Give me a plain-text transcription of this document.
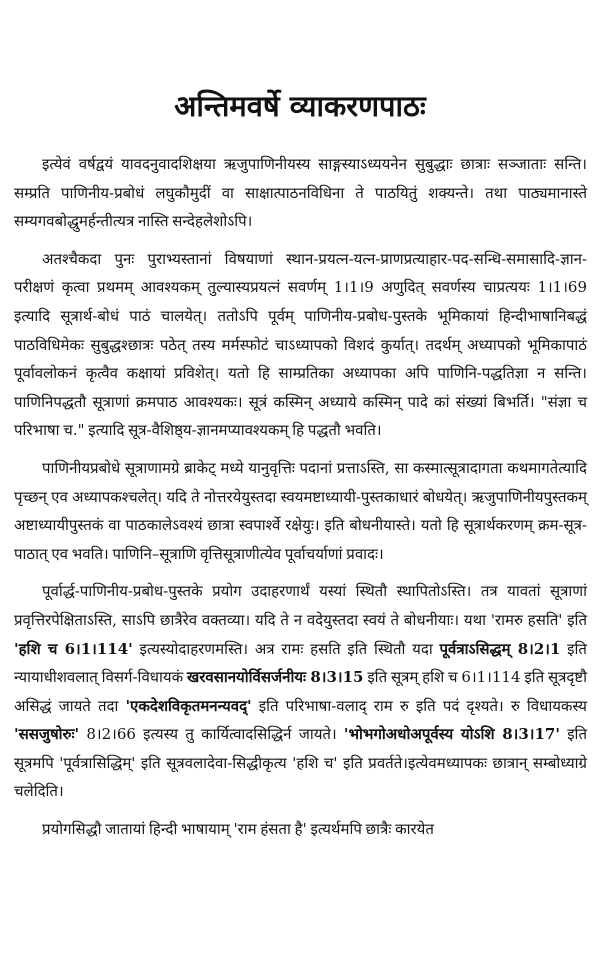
अन्तिमवर्षे व्याकरणपाठः

इत्येवं वर्षद्वयं यावदनुवादशिक्षया ऋजुपाणिनीयस्य साङ्गस्याऽध्ययनेन सुबुद्धाः छात्राः सञ्जाताः सन्ति। सम्प्रति पाणिनीय-प्रबोधं लघुकौमुदीं वा साक्षात्पाठनविधिना ते पाठयितुं शक्यन्ते। तथा पाठ्यमानास्ते सम्यगवबोद्धुमर्हन्तीत्यत्र नास्ति सन्देहलेशोऽपि।

अतश्चैकदा पुनः पुराभ्यस्तानां विषयाणां स्थान-प्रयत्न-यत्न-प्राणप्रत्याहार-पद-सन्धि-समासादि-ज्ञान-परीक्षणं कृत्वा प्रथमम् आवश्यकम् तुल्यास्यप्रयत्नं सवर्णम् 1।1।9 अणुदित् सवर्णस्य चाप्रत्ययः 1।1।69 इत्यादि सूत्रार्थ-बोधं पाठं चालयेत्। ततोऽपि पूर्वम् पाणिनीय-प्रबोध-पुस्तके भूमिकायां हिन्दीभाषानिबद्धं पाठविधिमेकः सुबुद्धश्छात्रः पठेत् तस्य मर्मस्फोटं चाऽध्यापको विशदं कुर्यात्। तदर्थम् अध्यापको भूमिकापाठं पूर्वावलोकनं कृत्वैव कक्षायां प्रविशेत्। यतो हि साम्प्रतिका अध्यापका अपि पाणिनि-पद्धतिज्ञा न सन्ति। पाणिनिपद्धतौ सूत्राणां क्रमपाठ आवश्यकः। सूत्रं कस्मिन् अध्याये कस्मिन् पादे कां संख्यां बिभर्ति। "संज्ञा च परिभाषा च." इत्यादि सूत्र-वैशिष्ठ्य-ज्ञानमप्यावश्यकम् हि पद्धतौ भवति।

पाणिनीयप्रबोधे सूत्राणामग्रे ब्राकेट् मध्ये यानुवृत्तिः पदानां प्रत्ताऽस्ति, सा कस्मात्सूत्रादागता कथमागतेत्यादि पृच्छन् एव अध्यापकश्चलेत्। यदि ते नोत्तरयेयुस्तदा स्वयमष्टाध्यायी-पुस्तकाधारं बोधयेत्। ऋजुपाणिनीयपुस्तकम् अष्टाध्यायीपुस्तकं वा पाठकालेऽवश्यं छात्रा स्वपार्श्वे रक्षेयुः। इति बोधनीयास्ते। यतो हि सूत्रार्थकरणम् क्रम-सूत्र-पाठात् एव भवति। पाणिनि–सूत्राणि वृत्तिसूत्राणीत्येव पूर्वाचर्याणां प्रवादः।

पूर्वार्द्ध-पाणिनीय-प्रबोध-पुस्तके प्रयोग उदाहरणार्थं यस्यां स्थितौ स्थापितोऽस्ति। तत्र यावतां सूत्राणां प्रवृत्तिरपेक्षिताऽस्ति, साऽपि छात्रैरेव वक्तव्या। यदि ते न वदेयुस्तदा स्वयं ते बोधनीयाः। यथा 'रामरु हसति' इति 'हशि च 6।1।114' इत्यस्योदाहरणमस्ति। अत्र रामः हसति इति स्थितौ यदा पूर्वत्राऽसिद्धम् 8।2।1 इति न्यायाधीशवलात् विसर्ग-विधायकं खरवसानयोर्विसर्जनीयः 8।3।15 इति सूत्रम् हशि च 6।1।114 इति सूत्रदृष्टौ असिद्धं जायते तदा 'एकदेशविकृतमनन्यवद्' इति परिभाषा-वलाद् राम रु इति पदं दृश्यते। रु विधायकस्य 'ससजुषोरुः' 8।2।66 इत्यस्य तु कार्यित्वादसिद्धिर्न जायते। 'भोभगोअधोअपूर्वस्य योऽशि 8।3।17' इति सूत्रमपि 'पूर्वत्रासिद्धिम्' इति सूत्रवलादेवा-सिद्धीकृत्य 'हशि च' इति प्रवर्तते।इत्येवमध्यापकः छात्रान् सम्बोध्याग्रे चलेदिति।

प्रयोगसिद्धौ जातायां हिन्दी भाषायाम् 'राम हंसता है' इत्यर्थमपि छात्रैः कारयेत
